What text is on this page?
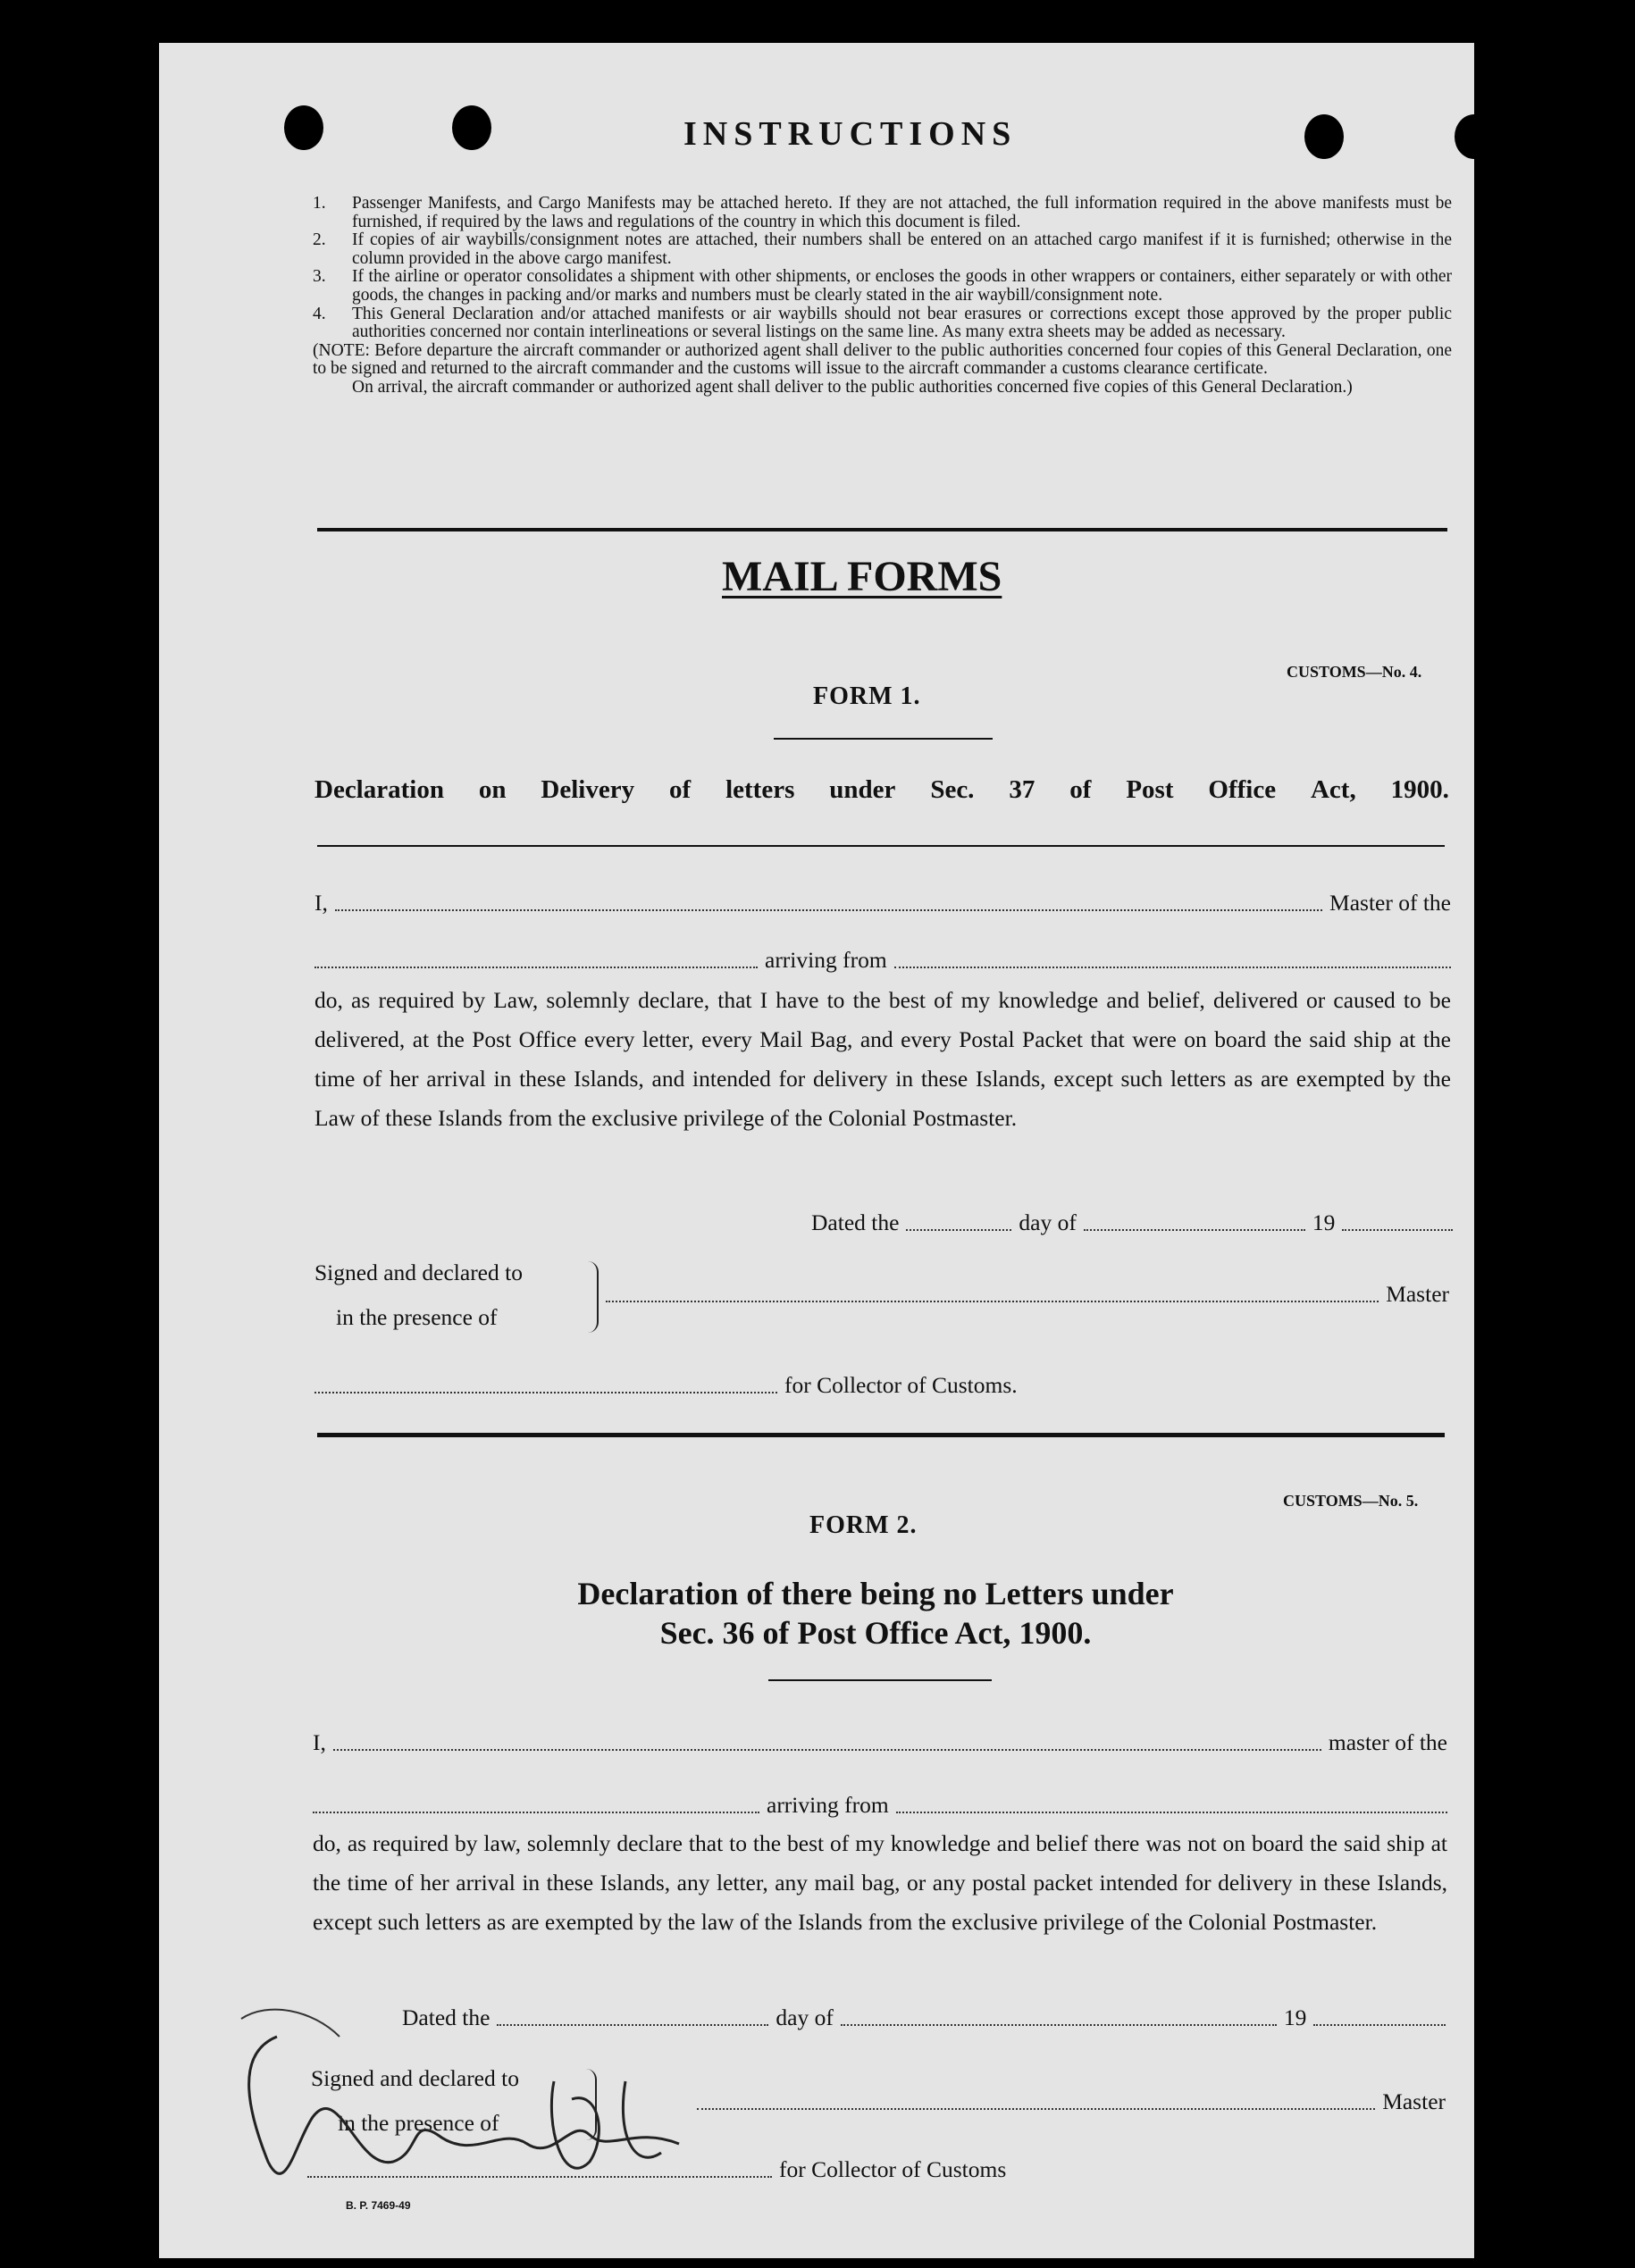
INSTRUCTIONS
1.	Passenger Manifests, and Cargo Manifests may be attached hereto. If they are not attached, the full information required in the above manifests must be furnished, if required by the laws and regulations of the country in which this document is filed.
2.	If copies of air waybills/consignment notes are attached, their numbers shall be entered on an attached cargo manifest if it is furnished; otherwise in the column provided in the above cargo manifest.
3.	If the airline or operator consolidates a shipment with other shipments, or encloses the goods in other wrappers or containers, either separately or with other goods, the changes in packing and/or marks and numbers must be clearly stated in the air waybill/consignment note.
4.	This General Declaration and/or attached manifests or air waybills should not bear erasures or corrections except those approved by the proper public authorities concerned nor contain interlineations or several listings on the same line. As many extra sheets may be added as necessary.
(NOTE: Before departure the aircraft commander or authorized agent shall deliver to the public authorities concerned four copies of this General Declaration, one to be signed and returned to the aircraft commander and the customs will issue to the aircraft commander a customs clearance certificate.
On arrival, the aircraft commander or authorized agent shall deliver to the public authorities concerned five copies of this General Declaration.)
MAIL FORMS
CUSTOMS—No. 4.
FORM 1.
Declaration on Delivery of letters under Sec. 37 of Post Office Act, 1900.
I,	Master of the
arriving from
do, as required by Law, solemnly declare, that I have to the best of my knowledge and belief, delivered or caused to be delivered, at the Post Office every letter, every Mail Bag, and every Postal Packet that were on board the said ship at the time of her arrival in these Islands, and intended for delivery in these Islands, except such letters as are exempted by the Law of these Islands from the exclusive privilege of the Colonial Postmaster.
Dated the	day of	19
Signed and declared to
in the presence of
Master
for Collector of Customs.
CUSTOMS—No. 5.
FORM 2.
Declaration of there being no Letters under
Sec. 36 of Post Office Act, 1900.
I,	master of the
arriving from
do, as required by law, solemnly declare that to the best of my knowledge and belief there was not on board the said ship at the time of her arrival in these Islands, any letter, any mail bag, or any postal packet intended for delivery in these Islands, except such letters as are exempted by the law of the Islands from the exclusive privilege of the Colonial Postmaster.
Dated the	day of	19
Signed and declared to
in the presence of
Master
for Collector of Customs
B. P. 7469-49
